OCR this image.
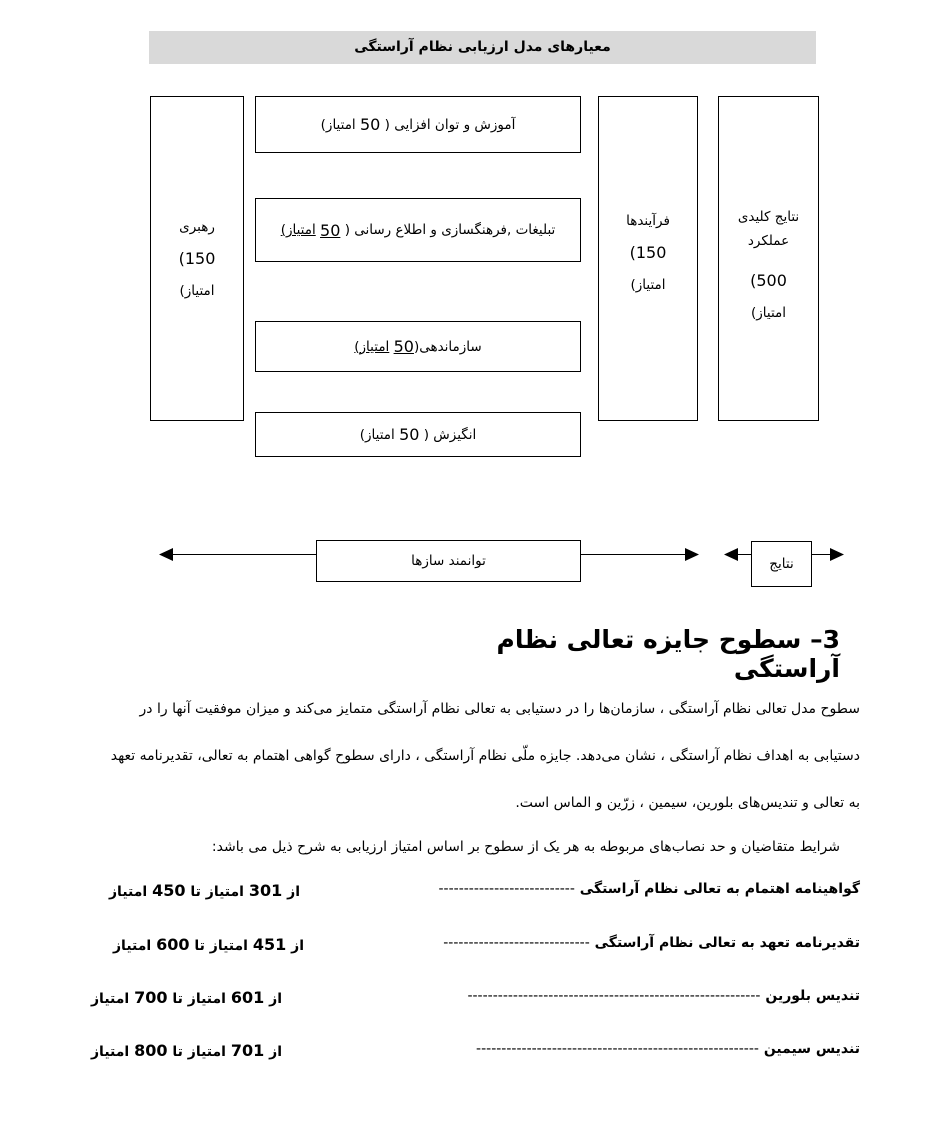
معیارهای مدل ارزیابی نظام آراستگی
رهبری
150)
امتیاز)
آموزش و توان افزایی (

50

امتیاز)
تبلیغات ,فرهنگسازی و اطلاع رسانی (

50

امتیاز)
سازماندهی(
50

امتیاز)
انگیزش (

50

امتیاز)
فرآیندها
150)
امتیاز)
نتایج کلیدی
عملکرد
500)
امتیاز)
توانمند سازها	نتایج
3– سطوح جایزه تعالی نظام آراستگی
سطوح مدل تعالی نظام آراستگی ، سازمان‌ها را در دستیابی به تعالی نظام آراستگی متمایز می‌کند و میزان موفقیت آنها را در
دستیابی به اهداف نظام آراستگی ، نشان می‌دهد. جایزه ملّی نظام آراستگی ، دارای سطوح گواهی اهتمام به تعالی، تقدیرنامه تعهد
به تعالی و تندیس‌های بلورین، سیمین ، زرّین و الماس است.
شرایط متقاضیان و حد نصاب‌های مربوطه به هر یک از سطوح بر اساس امتیاز ارزیابی به شرح ذیل می باشد:
گواهینامه اهتمام به تعالی نظام آراستگی ---------------------------
از 301 امتیاز تا 450 امتیاز
تقدیرنامه تعهد به تعالی نظام آراستگی -----------------------------
از 451 امتیاز تا 600 امتیاز
تندیس بلورین ----------------------------------------------------------
از 601 امتیاز تا 700 امتیاز
تندیس سیمین --------------------------------------------------------
از 701 امتیاز تا 800 امتیاز
